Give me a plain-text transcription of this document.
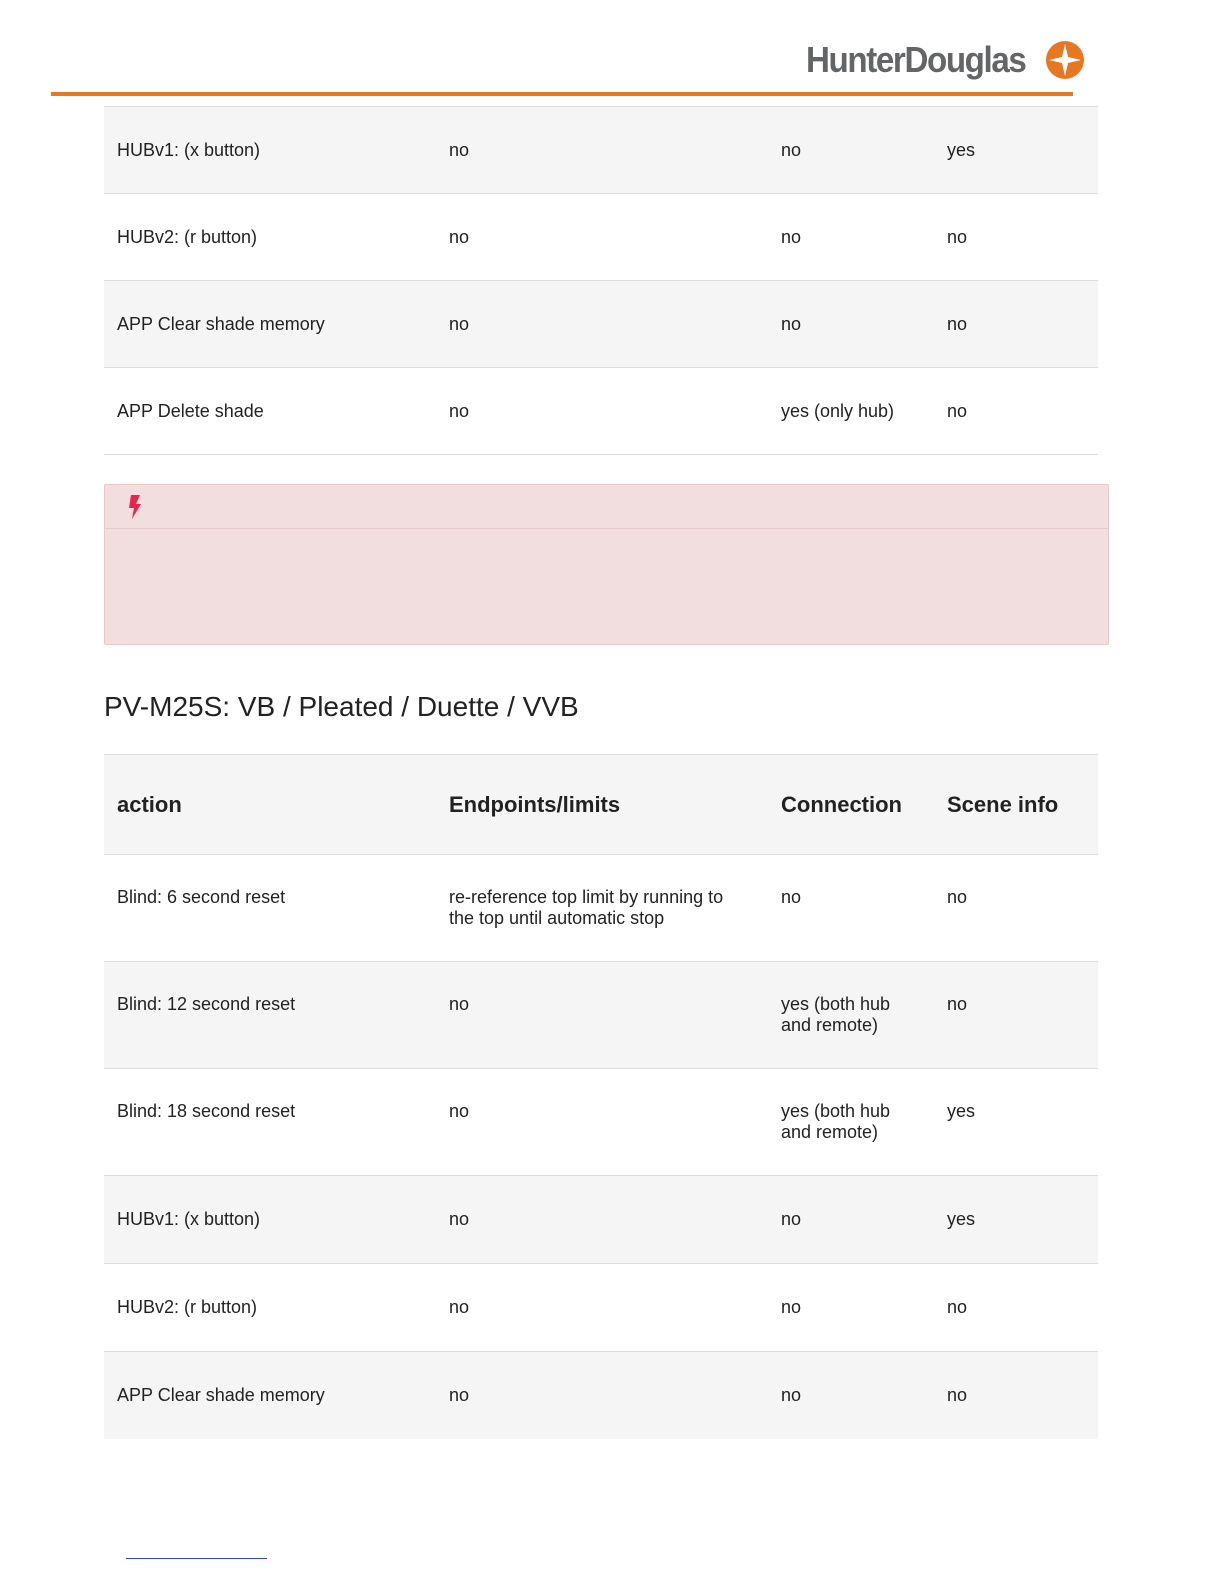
HunterDouglas
HUBv1: (x button)	no	no	yes
HUBv2: (r button)	no	no	no
APP Clear shade memory	no	no	no
APP Delete shade	no	yes (only hub)	no
PV-M25S: VB / Pleated / Duette / VVB
action	Endpoints/limits	Connection	Scene info
Blind: 6 second reset	re-reference top limit by running to the top until automatic stop	no	no
Blind: 12 second reset	no	yes (both hub and remote)	no
Blind: 18 second reset	no	yes (both hub and remote)	yes
HUBv1: (x button)	no	no	yes
HUBv2: (r button)	no	no	no
APP Clear shade memory	no	no	no
